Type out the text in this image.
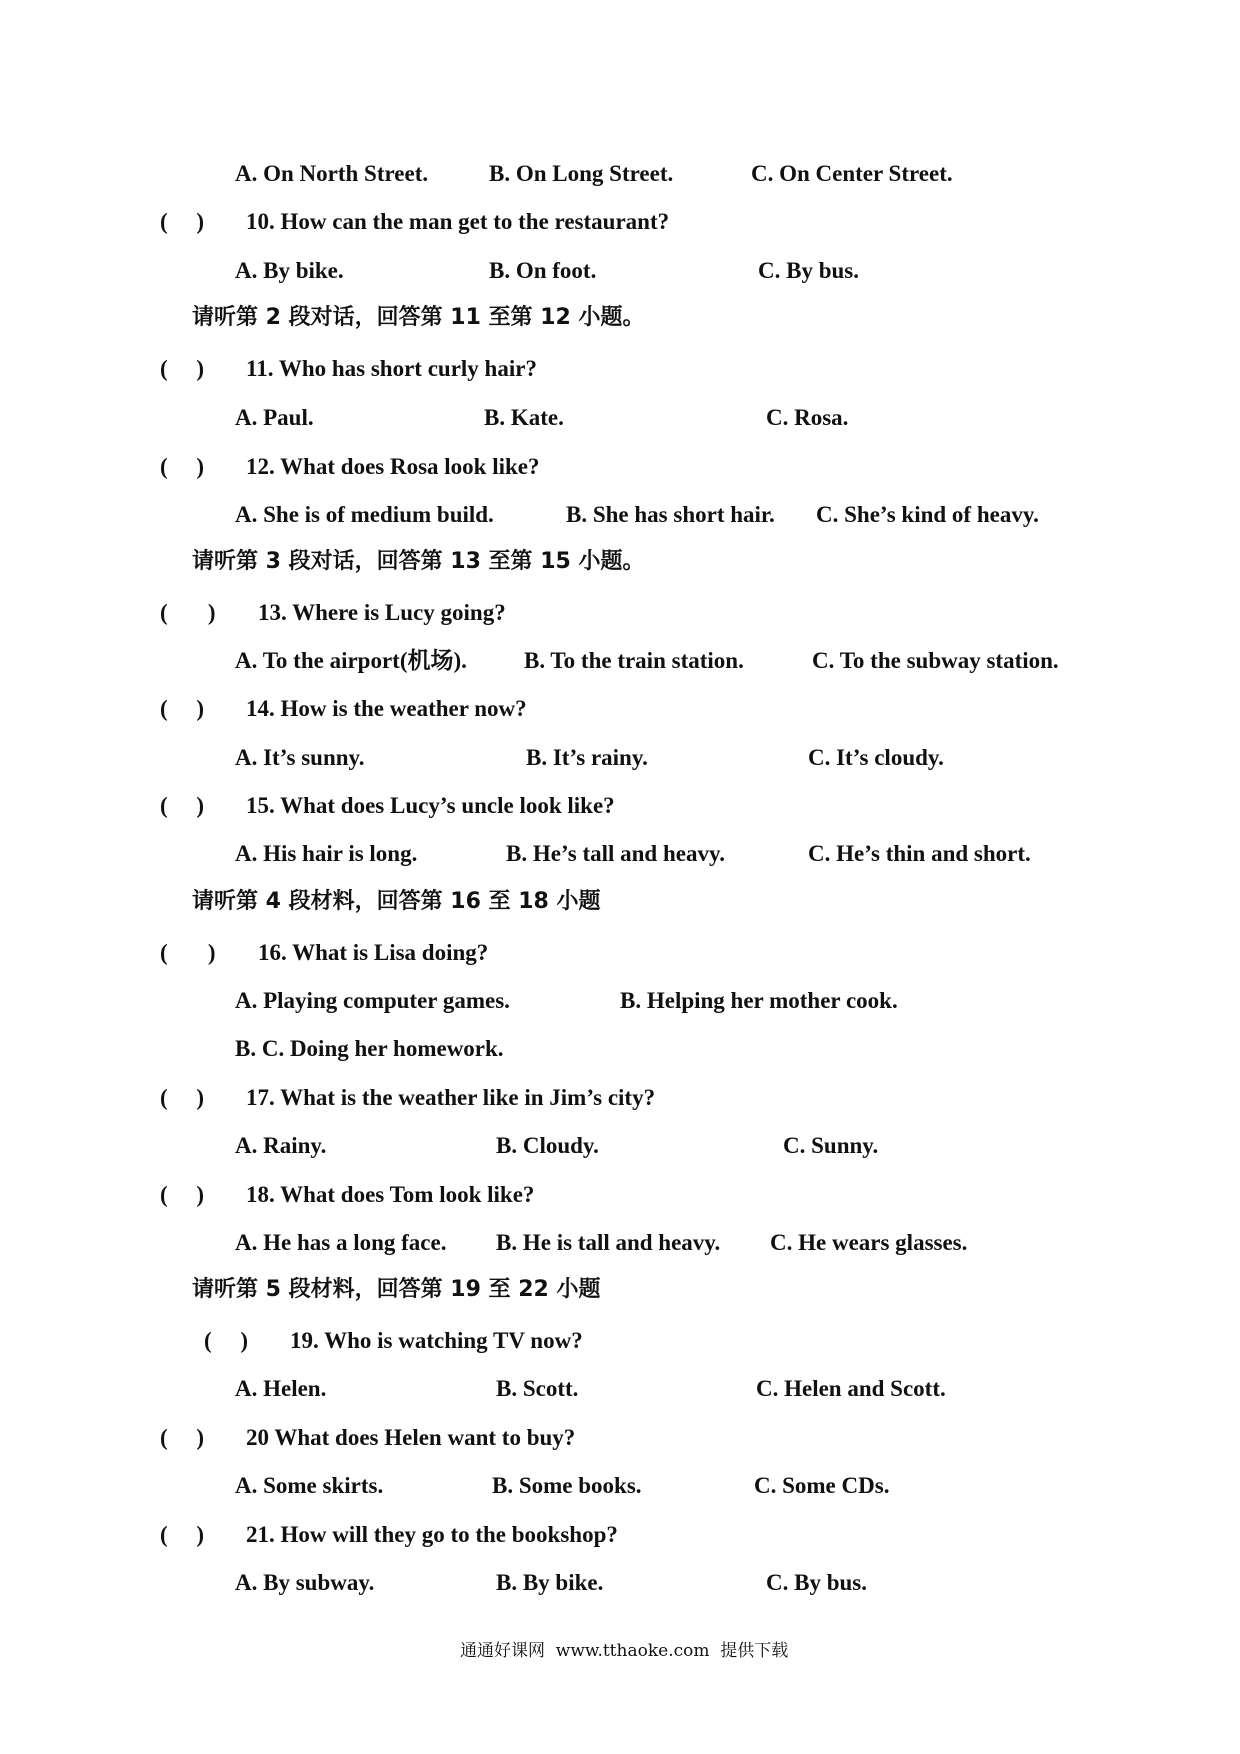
A. On North Street.	B. On Long Street.	C. On Center Street.
(     ) 10. How can the man get to the restaurant?
A. By bike.	B. On foot.	C. By bus.
请听第 2 段对话，回答第 11 至第 12 小题。
(     ) 11. Who has short curly hair?
A. Paul.	B. Kate.	C. Rosa.
(     ) 12. What does Rosa look like?
A. She is of medium build.	B. She has short hair. C. She’s kind of heavy.
请听第 3 段对话，回答第 13 至第 15 小题。
(       ) 13. Where is Lucy going?
A. To the airport(机场). B. To the train station.	C. To the subway station.
(     ) 14. How is the weather now?
A. It’s sunny.	B. It’s rainy.	C. It’s cloudy.
(     ) 15. What does Lucy’s uncle look like?
A. His hair is long.	B. He’s tall and heavy.	C. He’s thin and short.
请听第 4 段材料，回答第 16 至 18 小题
(       ) 16. What is Lisa doing?
A. Playing computer games.	B. Helping her mother cook.
B. C. Doing her homework.
(     ) 17. What is the weather like in Jim’s city?
A. Rainy.	B. Cloudy.	C. Sunny.
(     ) 18. What does Tom look like?
A. He has a long face. B. He is tall and heavy. C. He wears glasses.
请听第 5 段材料，回答第 19 至 22 小题
(     ) 19. Who is watching TV now?
A. Helen.	B. Scott.	C. Helen and Scott.
(     ) 20 What does Helen want to buy?
A. Some skirts.	B. Some books.	C. Some CDs.
(     ) 21. How will they go to the bookshop?
A. By subway.	B. By bike.	C. By bus.
通通好课网  www.tthaoke.com  提供下载
